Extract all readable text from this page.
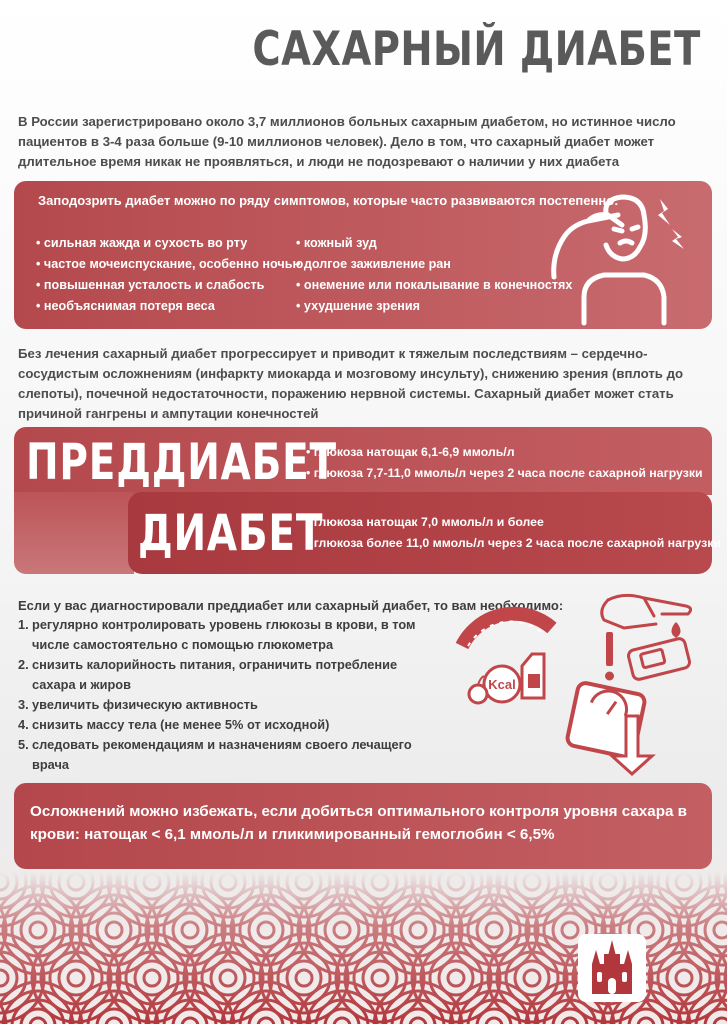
САХАРНЫЙ ДИАБЕТ

В России зарегистрировано около 3,7 миллионов больных сахарным диабетом, но истинное число пациентов в 3-4 раза больше (9-10 миллионов человек). Дело в том, что сахарный диабет может длительное время никак не проявляться, и люди не подозревают о наличии у них диабета

Заподозрить диабет можно по ряду симптомов, которые часто развиваются постепенно:
• сильная жажда и сухость во рту
• частое мочеиспускание, особенно ночью
• повышенная усталость и слабость
• необъяснимая потеря веса
• кожный зуд
• долгое заживление ран
• онемение или покалывание в конечностях
• ухудшение зрения

Без лечения сахарный диабет прогрессирует и приводит к тяжелым последствиям – сердечно-сосудистым осложнениям (инфаркту миокарда и мозговому инсульту), снижению зрения (вплоть до слепоты), почечной недостаточности, поражению нервной системы. Сахарный диабет может стать причиной гангрены и ампутации конечностей

ПРЕДДИАБЕТ
• глюкоза натощак 6,1-6,9 ммоль/л
• глюкоза 7,7-11,0 ммоль/л через 2 часа после сахарной нагрузки
ДИАБЕТ
• глюкоза натощак 7,0 ммоль/л и более
• глюкоза более 11,0 ммоль/л через 2 часа после сахарной нагрузки
Если у вас диагностировали преддиабет или сахарный диабет, то вам необходимо:
1. регулярно контролировать уровень глюкозы в крови, в том числе самостоятельно с помощью глюкометра
2. снизить калорийность питания, ограничить потребление сахара и жиров
3. увеличить физическую активность
4. снизить массу тела (не менее 5% от исходной)
5. следовать рекомендациям и назначениям своего лечащего врача
Kcal

Осложнений можно избежать, если добиться оптимального контроля уровня сахара в крови: натощак < 6,1 ммоль/л и гликимированный гемоглобин < 6,5%
